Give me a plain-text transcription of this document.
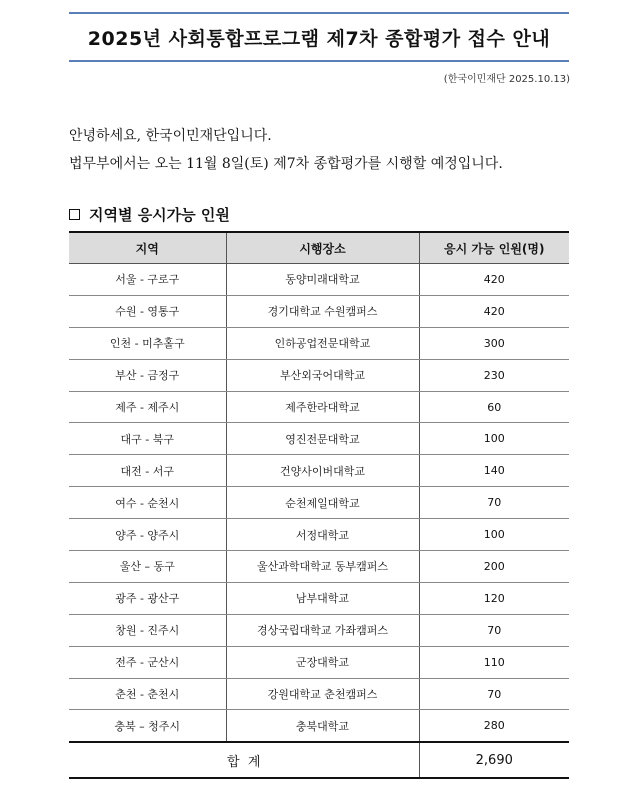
2025년 사회통합프로그램 제7차 종합평가 접수 안내
(한국이민재단 2025.10.13)
안녕하세요, 한국이민재단입니다.
법무부에서는 오는 11월 8일(토) 제7차 종합평가를 시행할 예정입니다.
지역별 응시가능 인원
지역	시행장소	응시 가능 인원(명)
서울 - 구로구	동양미래대학교	420
수원 - 영통구	경기대학교 수원캠퍼스	420
인천 - 미추홀구	인하공업전문대학교	300
부산 - 금정구	부산외국어대학교	230
제주 - 제주시	제주한라대학교	60
대구 - 북구	영진전문대학교	100
대전 - 서구	건양사이버대학교	140
여수 - 순천시	순천제일대학교	70
양주 - 양주시	서정대학교	100
울산 – 동구	울산과학대학교 동부캠퍼스	200
광주 - 광산구	남부대학교	120
창원 - 진주시	경상국립대학교 가좌캠퍼스	70
전주 - 군산시	군장대학교	110
춘천 - 춘천시	강원대학교 춘천캠퍼스	70
충북 – 청주시	충북대학교	280
합  계		2,690
